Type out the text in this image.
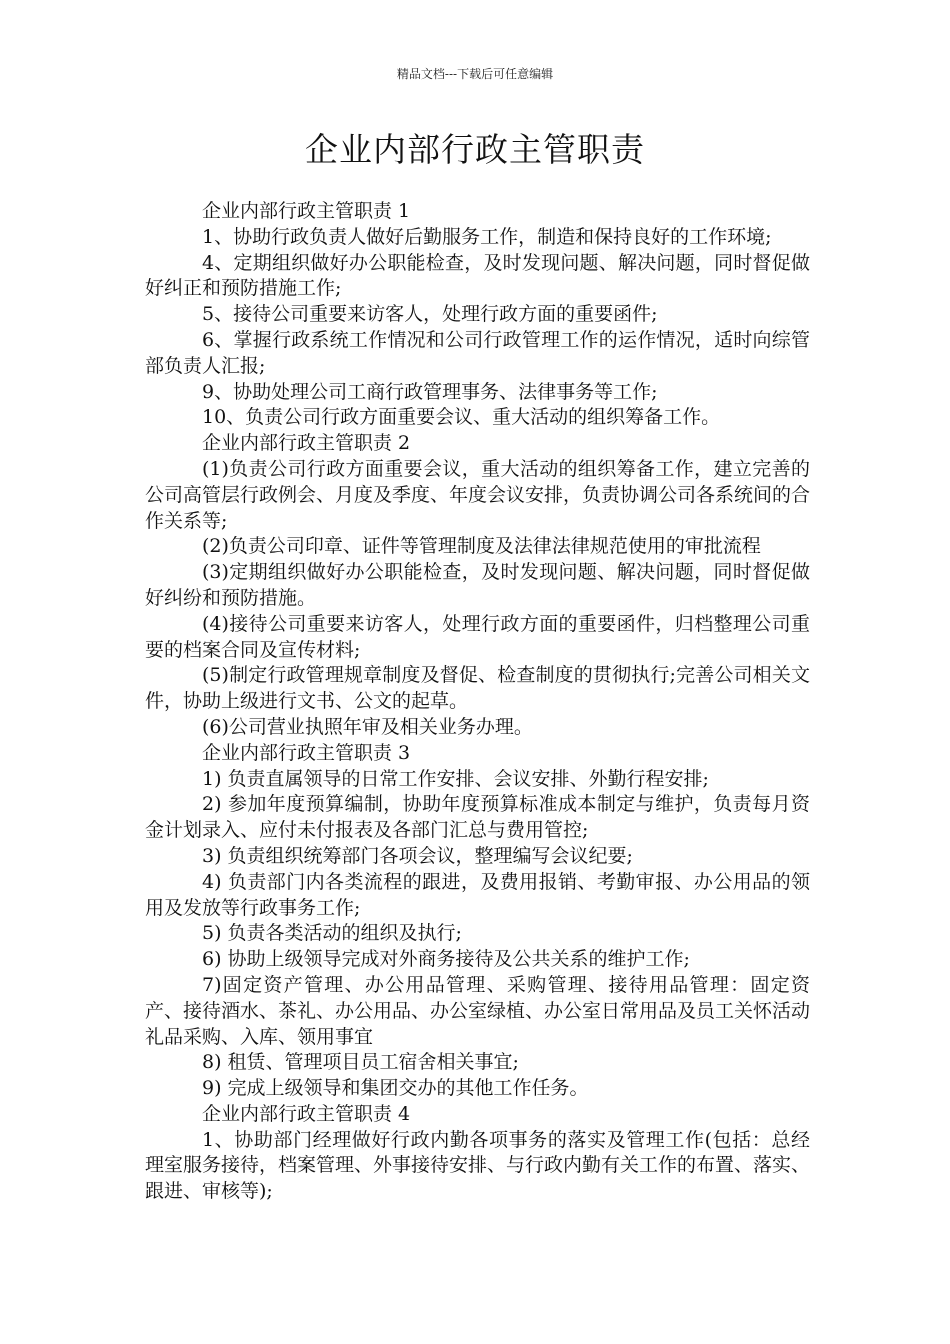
精品文档---下载后可任意编辑
企业内部行政主管职责

企业内部行政主管职责 1

1、协助行政负责人做好后勤服务工作，制造和保持良好的工作环境;

4、定期组织做好办公职能检查，及时发现问题、解决问题，同时督促做好纠正和预防措施工作;

5、接待公司重要来访客人，处理行政方面的重要函件;

6、掌握行政系统工作情况和公司行政管理工作的运作情况，适时向综管部负责人汇报;

9、协助处理公司工商行政管理事务、法律事务等工作;

10、负责公司行政方面重要会议、重大活动的组织筹备工作。

企业内部行政主管职责 2

(1)负责公司行政方面重要会议，重大活动的组织筹备工作，建立完善的公司高管层行政例会、月度及季度、年度会议安排，负责协调公司各系统间的合作关系等;

(2)负责公司印章、证件等管理制度及法律法律规范使用的审批流程

(3)定期组织做好办公职能检查，及时发现问题、解决问题，同时督促做好纠纷和预防措施。

(4)接待公司重要来访客人，处理行政方面的重要函件，归档整理公司重要的档案合同及宣传材料;

(5)制定行政管理规章制度及督促、检查制度的贯彻执行;完善公司相关文件，协助上级进行文书、公文的起草。

(6)公司营业执照年审及相关业务办理。

企业内部行政主管职责 3

1) 负责直属领导的日常工作安排、会议安排、外勤行程安排;

2) 参加年度预算编制，协助年度预算标准成本制定与维护，负责每月资金计划录入、应付未付报表及各部门汇总与费用管控;

3) 负责组织统筹部门各项会议，整理编写会议纪要;

4) 负责部门内各类流程的跟进，及费用报销、考勤审报、办公用品的领用及发放等行政事务工作;

5) 负责各类活动的组织及执行;

6) 协助上级领导完成对外商务接待及公共关系的维护工作;

7)固定资产管理、办公用品管理、采购管理、接待用品管理：固定资产、接待酒水、茶礼、办公用品、办公室绿植、办公室日常用品及员工关怀活动礼品采购、入库、领用事宜

8) 租赁、管理项目员工宿舍相关事宜;

9) 完成上级领导和集团交办的其他工作任务。

企业内部行政主管职责 4

1、协助部门经理做好行政内勤各项事务的落实及管理工作(包括：总经理室服务接待，档案管理、外事接待安排、与行政内勤有关工作的布置、落实、跟进、审核等);
